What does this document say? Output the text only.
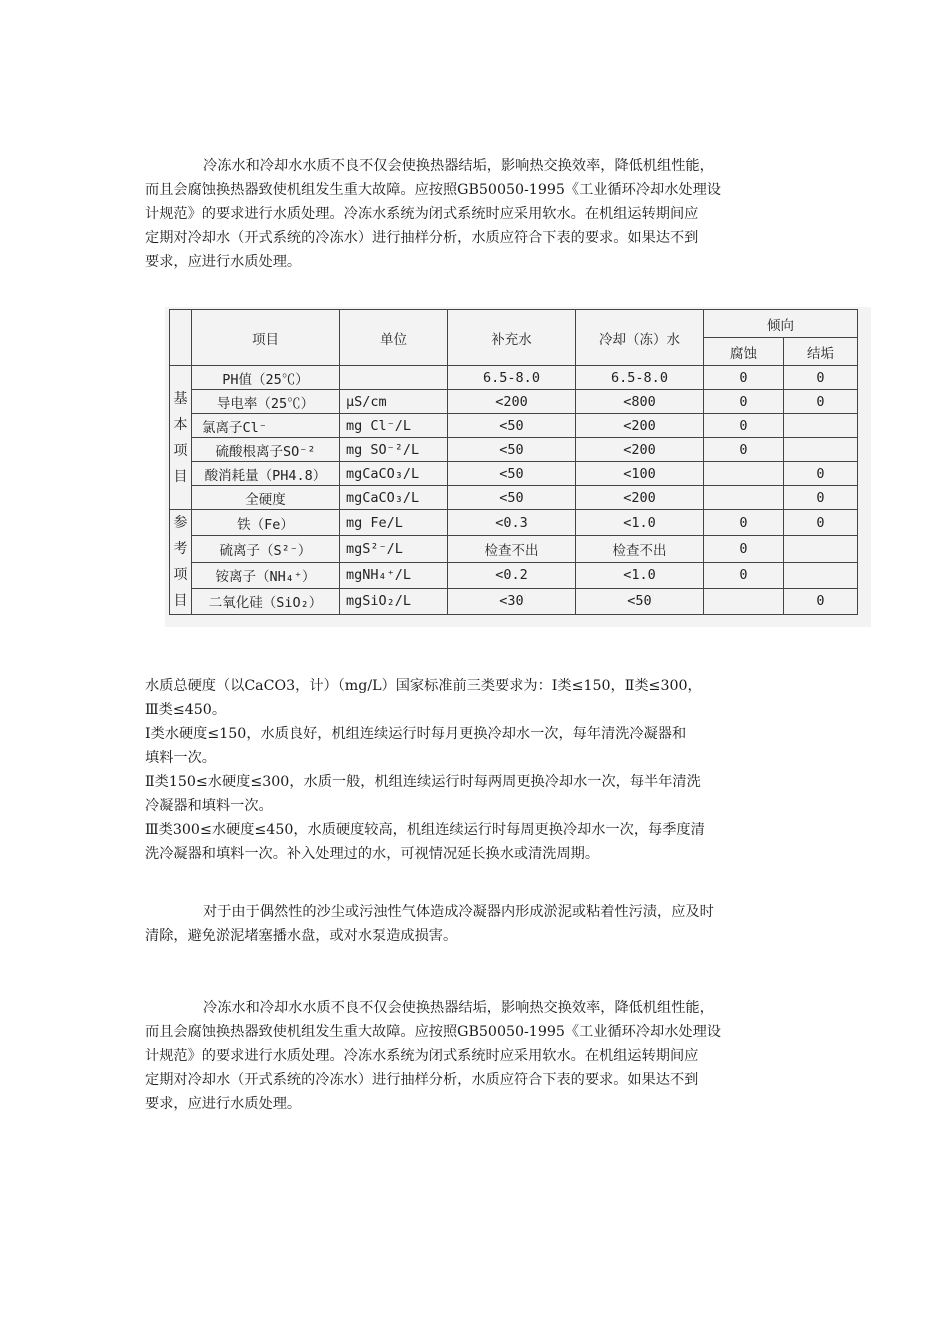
冷冻水和冷却水水质不良不仅会使换热器结垢，影响热交换效率，降低机组性能，
而且会腐蚀换热器致使机组发生重大故障。应按照GB50050-1995《工业循环冷却水处理设
计规范》的要求进行水质处理。冷冻水系统为闭式系统时应采用软水。在机组运转期间应
定期对冷却水（开式系统的冷冻水）进行抽样分析，水质应符合下表的要求。如果达不到
要求，应进行水质处理。
	项目	单位	补充水	冷却（冻）水	倾向	
					腐蚀	结垢
基本项目	PH值（25℃）		6.5-8.0	6.5-8.0	0	0
	导电率（25℃）	μS/cm	<200	<800	0	0
	氯离子Cl⁻	mg Cl⁻/L	<50	<200	0	
	硫酸根离子SO⁻²	mg SO⁻²/L	<50	<200	0	
	酸消耗量（PH4.8）	mgCaCO₃/L	<50	<100		0
	全硬度	mgCaCO₃/L	<50	<200		0
参考项目	铁（Fe）	mg Fe/L	<0.3	<1.0	0	0
	硫离子（S²⁻）	mgS²⁻/L	检查不出	检查不出	0	
	铵离子（NH₄⁺）	mgNH₄⁺/L	<0.2	<1.0	0	
	二氧化硅（SiO₂）	mgSiO₂/L	<30	<50		0
水质总硬度（以CaCO3，计）（mg/L）国家标准前三类要求为：Ⅰ类≤150，Ⅱ类≤300，
Ⅲ类≤450。
Ⅰ类水硬度≤150，水质良好，机组连续运行时每月更换冷却水一次，每年清洗冷凝器和
填料一次。
Ⅱ类150≤水硬度≤300，水质一般，机组连续运行时每两周更换冷却水一次，每半年清洗
冷凝器和填料一次。
Ⅲ类300≤水硬度≤450，水质硬度较高，机组连续运行时每周更换冷却水一次，每季度清
洗冷凝器和填料一次。补入处理过的水，可视情况延长换水或清洗周期。
对于由于偶然性的沙尘或污浊性气体造成冷凝器内形成淤泥或粘着性污渍，应及时
清除，避免淤泥堵塞播水盘，或对水泵造成损害。
冷冻水和冷却水水质不良不仅会使换热器结垢，影响热交换效率，降低机组性能，
而且会腐蚀换热器致使机组发生重大故障。应按照GB50050-1995《工业循环冷却水处理设
计规范》的要求进行水质处理。冷冻水系统为闭式系统时应采用软水。在机组运转期间应
定期对冷却水（开式系统的冷冻水）进行抽样分析，水质应符合下表的要求。如果达不到
要求，应进行水质处理。
